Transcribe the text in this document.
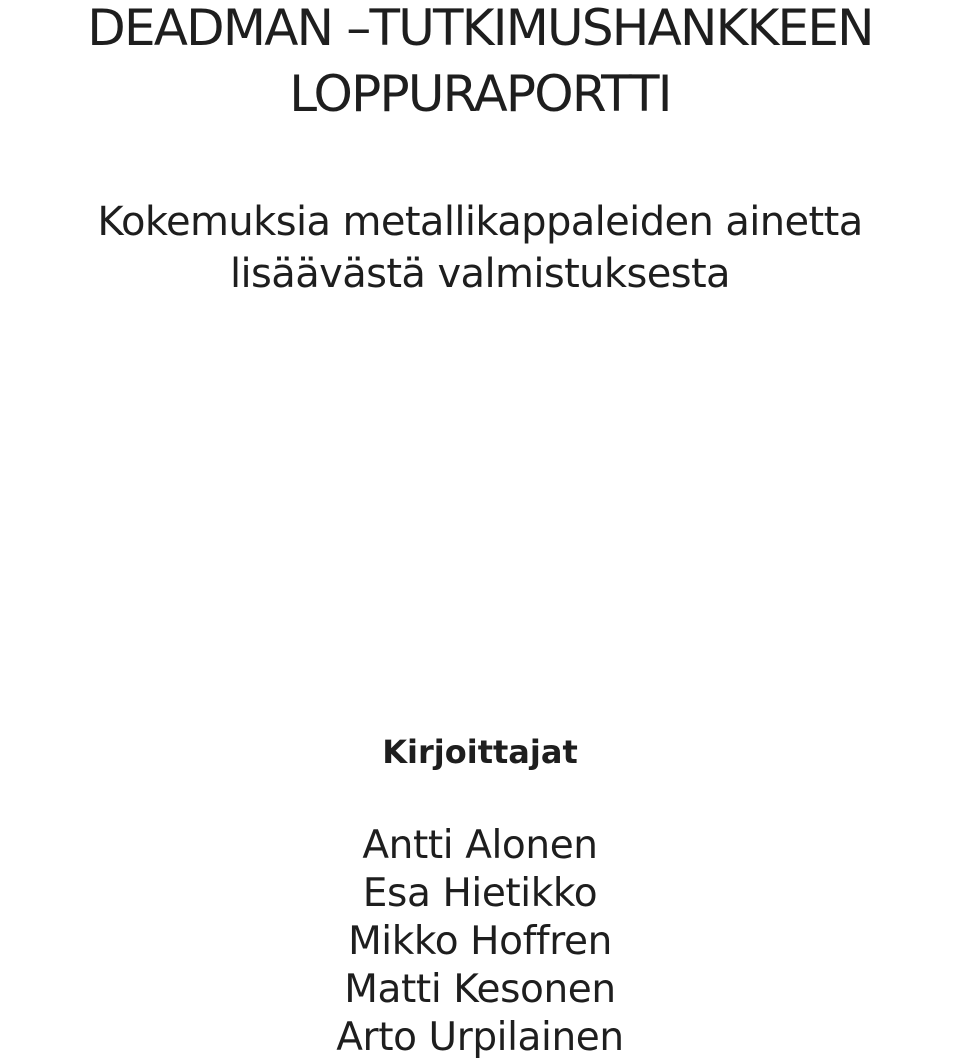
DEADMAN –TUTKIMUSHANKKEEN
LOPPURAPORTTI
Kokemuksia metallikappaleiden ainetta
lisäävästä valmistuksesta
Kirjoittajat
Antti Alonen
Esa Hietikko
Mikko Hoffren
Matti Kesonen
Arto Urpilainen
